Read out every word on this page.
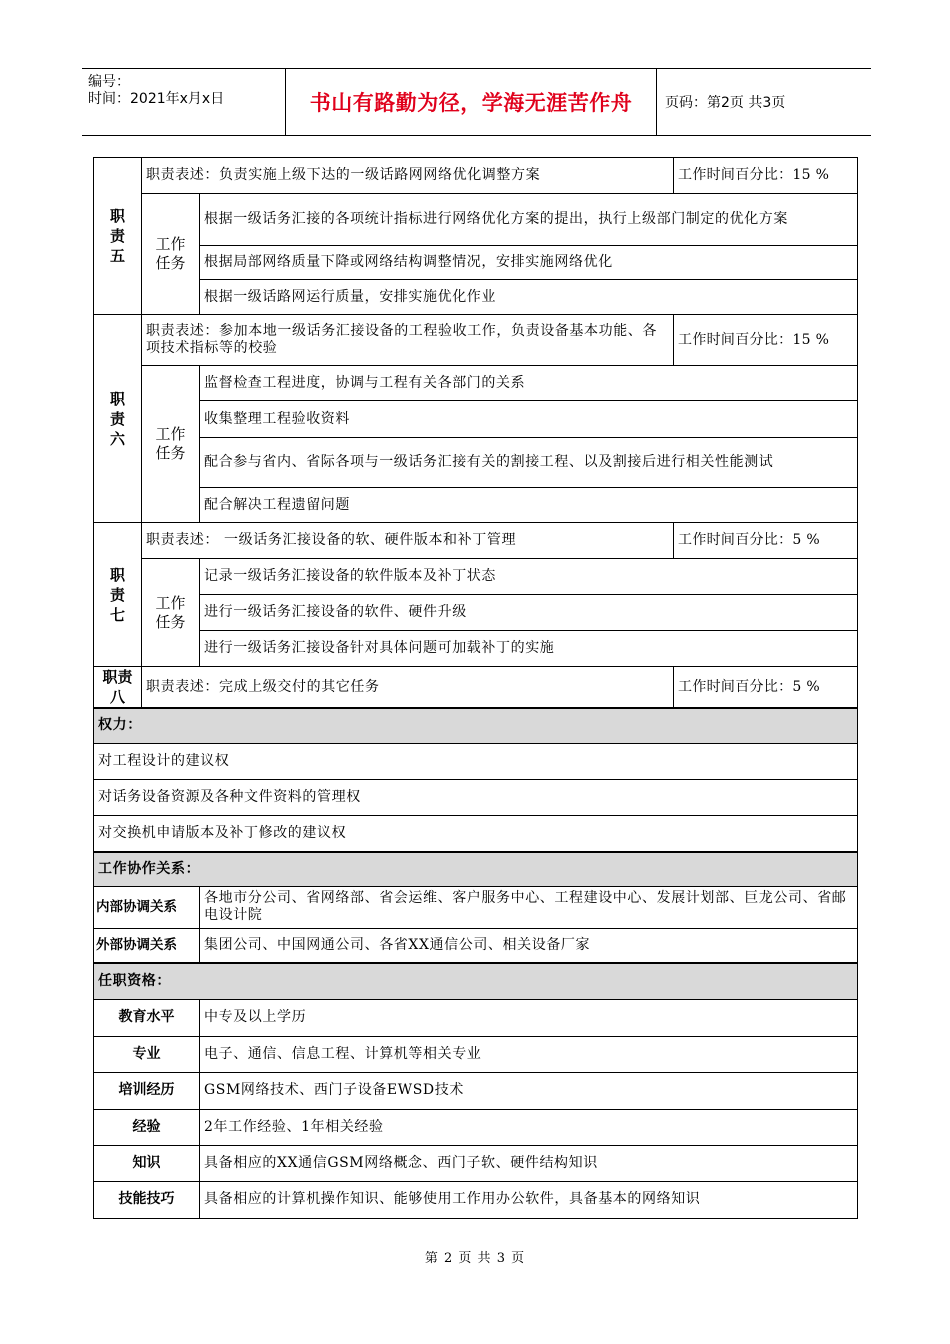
编号：
时间：2021年x月x日	书山有路勤为径，学海无涯苦作舟	页码：第2页 共3页
职
责
五	职责表述：负责实施上级下达的一级话路网网络优化调整方案		工作时间百分比：15 %
	工作
任务	根据一级话务汇接的各项统计指标进行网络优化方案的提出，执行上级部门制定的优化方案	
		根据局部网络质量下降或网络结构调整情况，安排实施网络优化	
		根据一级话路网运行质量，安排实施优化作业	
职
责
六	职责表述：参加本地一级话务汇接设备的工程验收工作，负责设备基本功能、各项技术指标等的校验		工作时间百分比：15 %
	工作
任务	监督检查工程进度，协调与工程有关各部门的关系	
		收集整理工程验收资料	
		配合参与省内、省际各项与一级话务汇接有关的割接工程、以及割接后进行相关性能测试	
		配合解决工程遗留问题	
职
责
七	职责表述： 一级话务汇接设备的软、硬件版本和补丁管理		工作时间百分比：5 %
	工作
任务	记录一级话务汇接设备的软件版本及补丁状态	
		进行一级话务汇接设备的软件、硬件升级	
		进行一级话务汇接设备针对具体问题可加载补丁的实施	
职责
八	职责表述：完成上级交付的其它任务		工作时间百分比：5 %
权力：			
对工程设计的建议权			
对话务设备资源及各种文件资料的管理权			
对交换机申请版本及补丁修改的建议权			
工作协作关系：			
内部协调关系		各地市分公司、省网络部、省会运维、客户服务中心、工程建设中心、发展计划部、巨龙公司、省邮电设计院	
外部协调关系		集团公司、中国网通公司、各省XX通信公司、相关设备厂家	
任职资格：			
教育水平		中专及以上学历	
专业		电子、通信、信息工程、计算机等相关专业	
培训经历		GSM网络技术、西门子设备EWSD技术	
经验		2年工作经验、1年相关经验	
知识		具备相应的XX通信GSM网络概念、西门子软、硬件结构知识	
技能技巧		具备相应的计算机操作知识、能够使用工作用办公软件，具备基本的网络知识	
第 2 页 共 3 页
